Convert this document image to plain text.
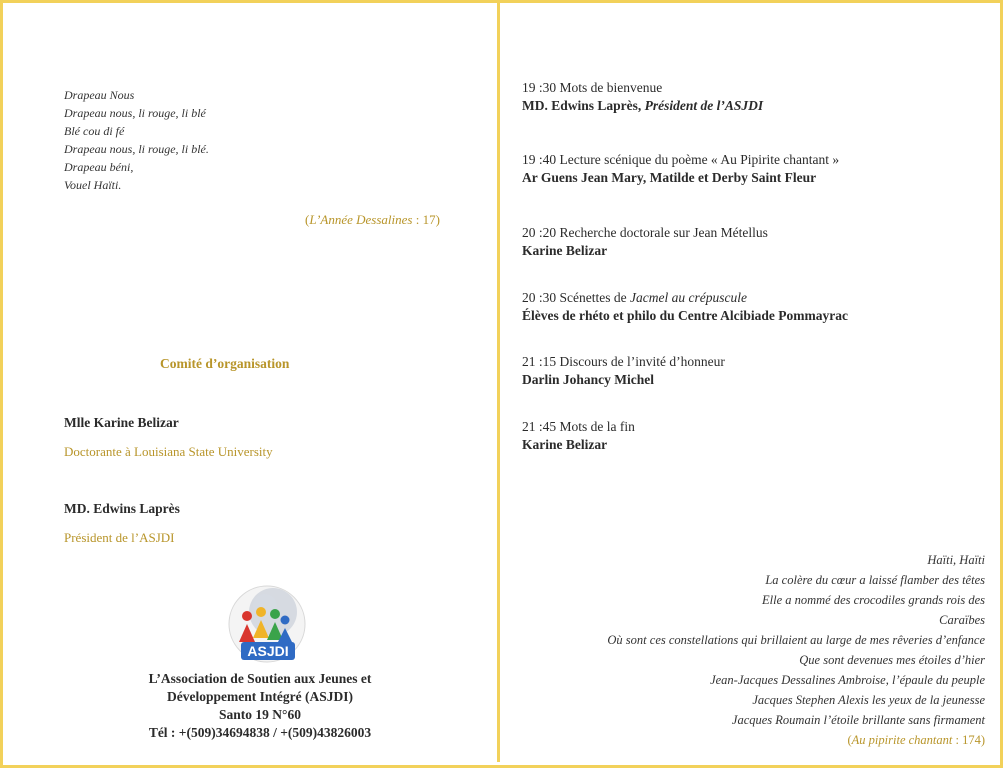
Drapeau Nous
Drapeau nous, li rouge, li blé
Blé cou di fé
Drapeau nous, li rouge, li blé.
Drapeau béni,
Vouel Haïti.
(L’Année Dessalines : 17)
Comité d’organisation
Mlle Karine Belizar
Doctorante à Louisiana State University
MD. Edwins Laprès
Président de l’ASJDI
ASJDI
L’Association de Soutien aux Jeunes et
Développement Intégré (ASJDI)
Santo 19 N°60
Tél : +(509)34694838 / +(509)43826003
19 :30 Mots de bienvenue
MD. Edwins Laprès, Président de l’ASJDI
19 :40 Lecture scénique du poème « Au Pipirite chantant »
Ar Guens Jean Mary, Matilde et Derby Saint Fleur
20 :20 Recherche doctorale sur Jean Métellus
Karine Belizar
20 :30 Scénettes de Jacmel au crépuscule
Élèves de rhéto et philo du Centre Alcibiade Pommayrac
21 :15 Discours de l’invité d’honneur
Darlin Johancy Michel
21 :45 Mots de la fin
Karine Belizar
Haïti, Haïti
La colère du cœur a laissé flamber des têtes
Elle a nommé des crocodiles grands rois des
Caraïbes
Où sont ces constellations qui brillaient au large de mes rêveries d’enfance
Que sont devenues mes étoiles d’hier
Jean-Jacques Dessalines Ambroise, l’épaule du peuple
Jacques Stephen Alexis les yeux de la jeunesse
Jacques Roumain l’étoile brillante sans firmament
(Au pipirite chantant : 174)
